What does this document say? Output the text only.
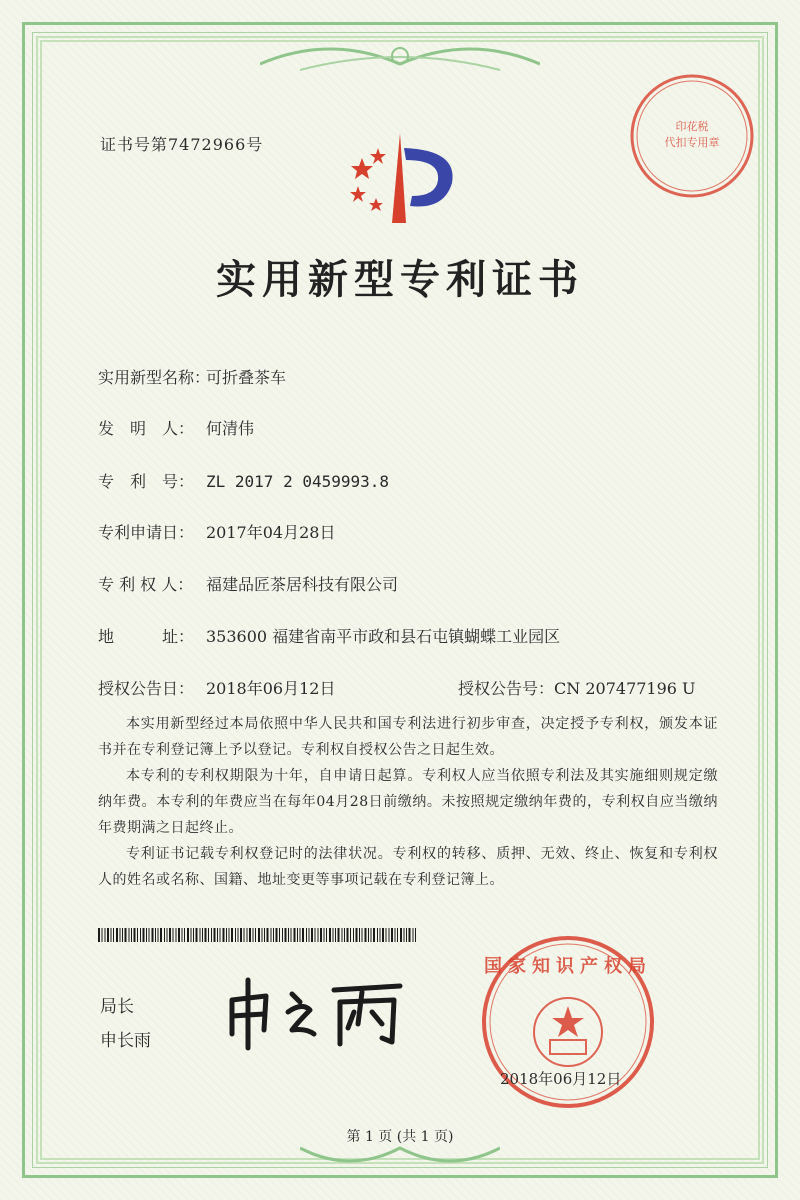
证书号第7472966号
印花税
代扣专用章
实用新型专利证书
实用新型名称：可折叠茶车
发　明　人： 何清伟
专　利　号： ZL 2017 2 0459993.8
专利申请日： 2017年04月28日
专 利 权 人： 福建品匠茶居科技有限公司
地　　　址： 353600 福建省南平市政和县石屯镇蝴蝶工业园区
授权公告日： 2018年06月12日	授权公告号：CN 207477196 U
本实用新型经过本局依照中华人民共和国专利法进行初步审查，决定授予专利权，颁发本证书并在专利登记簿上予以登记。专利权自授权公告之日起生效。
本专利的专利权期限为十年，自申请日起算。专利权人应当依照专利法及其实施细则规定缴纳年费。本专利的年费应当在每年04月28日前缴纳。未按照规定缴纳年费的，专利权自应当缴纳年费期满之日起终止。
专利证书记载专利权登记时的法律状况。专利权的转移、质押、无效、终止、恢复和专利权人的姓名或名称、国籍、地址变更等事项记载在专利登记簿上。
局长
申长雨
国家知识产权局
2018年06月12日
第 1 页 (共 1 页)
